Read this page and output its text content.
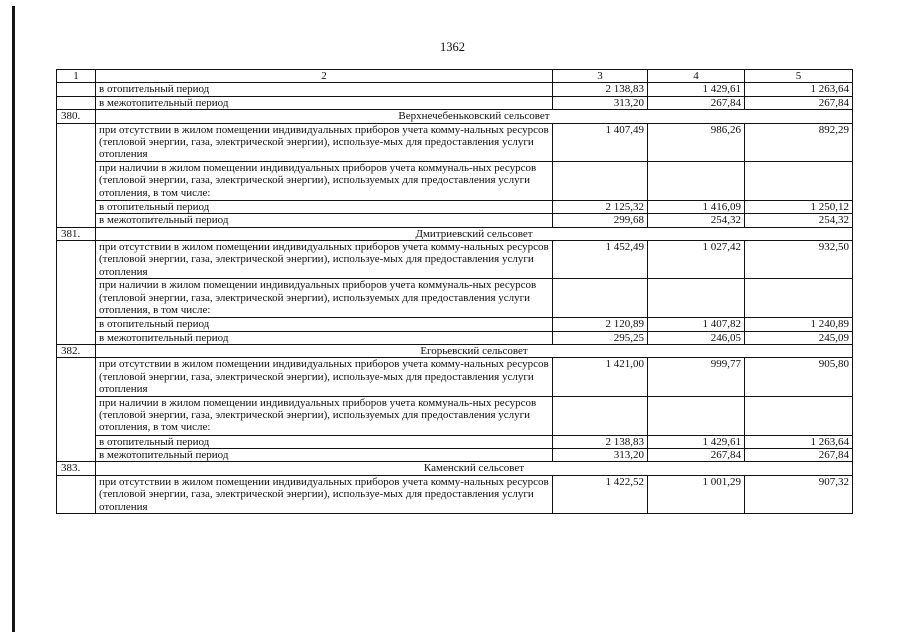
1362
1	2	3	4	5
	в отопительный период	2 138,83	1 429,61	1 263,64
	в межотопительный период	313,20	267,84	267,84
380.	Верхнечебеньковский сельсовет			
	при отсутствии в жилом помещении индивидуальных приборов учета комму-нальных ресурсов (тепловой энергии, газа, электрической энергии), используе-мых для предоставления услуги отопления	1 407,49	986,26	892,29
	при наличии в жилом помещении индивидуальных приборов учета коммуналь-ных ресурсов (тепловой энергии, газа, электрической энергии), используемых для предоставления услуги отопления, в том числе:			
	в отопительный период	2 125,32	1 416,09	1 250,12
	в межотопительный период	299,68	254,32	254,32
381.	Дмитриевский сельсовет			
	при отсутствии в жилом помещении индивидуальных приборов учета комму-нальных ресурсов (тепловой энергии, газа, электрической энергии), используе-мых для предоставления услуги отопления	1 452,49	1 027,42	932,50
	при наличии в жилом помещении индивидуальных приборов учета коммуналь-ных ресурсов (тепловой энергии, газа, электрической энергии), используемых для предоставления услуги отопления, в том числе:			
	в отопительный период	2 120,89	1 407,82	1 240,89
	в межотопительный период	295,25	246,05	245,09
382.	Егорьевский сельсовет			
	при отсутствии в жилом помещении индивидуальных приборов учета комму-нальных ресурсов (тепловой энергии, газа, электрической энергии), используе-мых для предоставления услуги отопления	1 421,00	999,77	905,80
	при наличии в жилом помещении индивидуальных приборов учета коммуналь-ных ресурсов (тепловой энергии, газа, электрической энергии), используемых для предоставления услуги отопления, в том числе:			
	в отопительный период	2 138,83	1 429,61	1 263,64
	в межотопительный период	313,20	267,84	267,84
383.	Каменский сельсовет			
	при отсутствии в жилом помещении индивидуальных приборов учета комму-нальных ресурсов (тепловой энергии, газа, электрической энергии), используе-мых для предоставления услуги отопления	1 422,52	1 001,29	907,32
